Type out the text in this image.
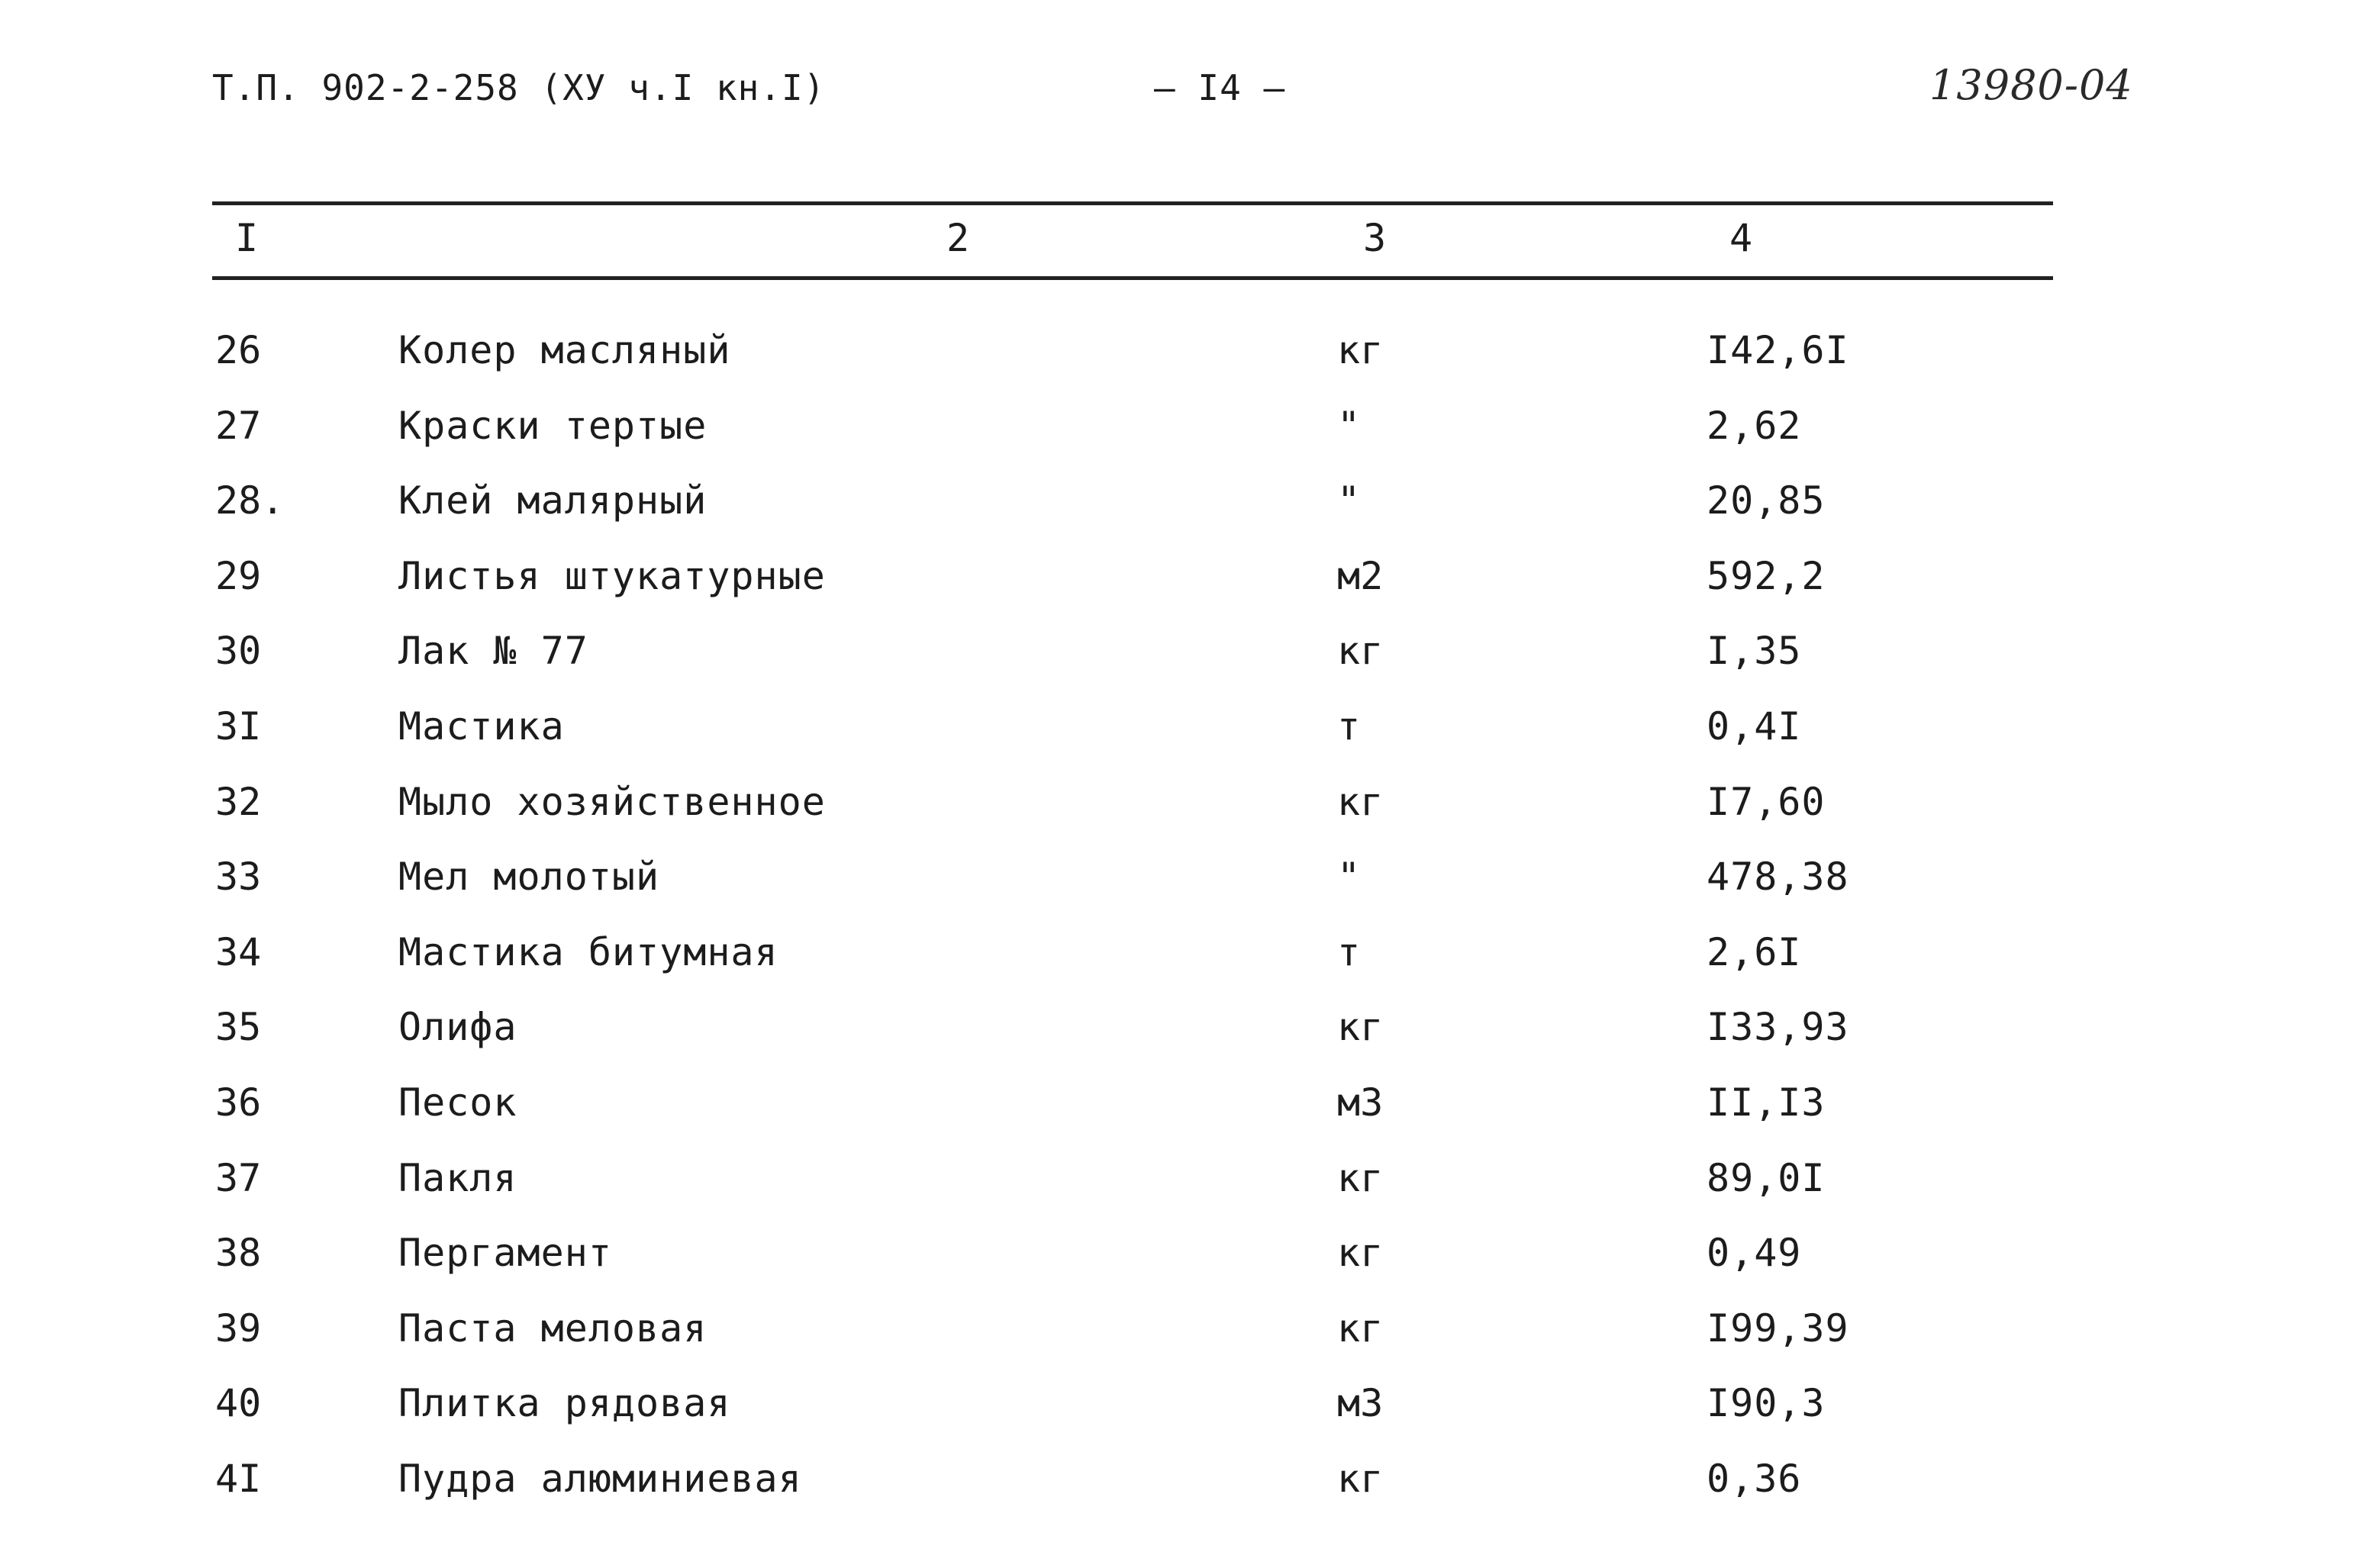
Т.П. 902-2-258 (ХУ ч.I кн.I)	– I4 –	13980-04
I	2	3	4
26	Колер масляный	кг	I42,6I
27	Краски тертые	"	2,62
28.	Клей малярный	"	20,85
29	Листья штукатурные	м2	592,2
30	Лак № 77	кг	I,35
3I	Мастика	т	0,4I
32	Мыло хозяйственное	кг	I7,60
33	Мел молотый	"	478,38
34	Мастика битумная	т	2,6I
35	Олифа	кг	I33,93
36	Песок	м3	II,I3
37	Пакля	кг	89,0I
38	Пергамент	кг	0,49
39	Паста меловая	кг	I99,39
40	Плитка рядовая	м3	I90,3
4I	Пудра алюминиевая	кг	0,36
